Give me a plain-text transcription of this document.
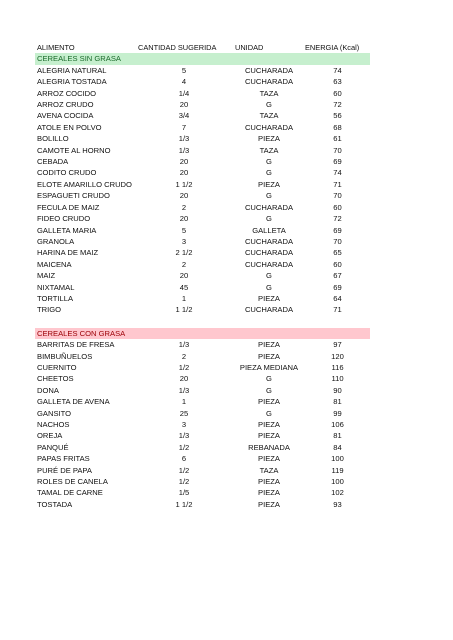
ALIMENTO	CANTIDAD SUGERIDA	UNIDAD	ENERGIA (Kcal)
CEREALES SIN GRASA			
ALEGRIA NATURAL	5	CUCHARADA	74
ALEGRIA TOSTADA	4	CUCHARADA	63
ARROZ COCIDO	1/4	TAZA	60
ARROZ CRUDO	20	G	72
AVENA COCIDA	3/4	TAZA	56
ATOLE EN POLVO	7	CUCHARADA	68
BOLILLO	1/3	PIEZA	61
CAMOTE AL HORNO	1/3	TAZA	70
CEBADA	20	G	69
CODITO CRUDO	20	G	74
ELOTE AMARILLO CRUDO	1 1/2	PIEZA	71
ESPAGUETI CRUDO	20	G	70
FECULA DE MAIZ	2	CUCHARADA	60
FIDEO CRUDO	20	G	72
GALLETA MARIA	5	GALLETA	69
GRANOLA	3	CUCHARADA	70
HARINA DE MAIZ	2 1/2	CUCHARADA	65
MAICENA	2	CUCHARADA	60
MAIZ	20	G	67
NIXTAMAL	45	G	69
TORTILLA	1	PIEZA	64
TRIGO	1 1/2	CUCHARADA	71

CEREALES CON GRASA			
BARRITAS DE FRESA	1/3	PIEZA	97
BIMBUÑUELOS	2	PIEZA	120
CUERNITO	1/2	PIEZA MEDIANA	116
CHEETOS	20	G	110
DONA	1/3	G	90
GALLETA DE AVENA	1	PIEZA	81
GANSITO	25	G	99
NACHOS	3	PIEZA	106
OREJA	1/3	PIEZA	81
PANQUÉ	1/2	REBANADA	84
PAPAS FRITAS	6	PIEZA	100
PURÉ DE PAPA	1/2	TAZA	119
ROLES DE CANELA	1/2	PIEZA	100
TAMAL DE CARNE	1/5	PIEZA	102
TOSTADA	1 1/2	PIEZA	93
